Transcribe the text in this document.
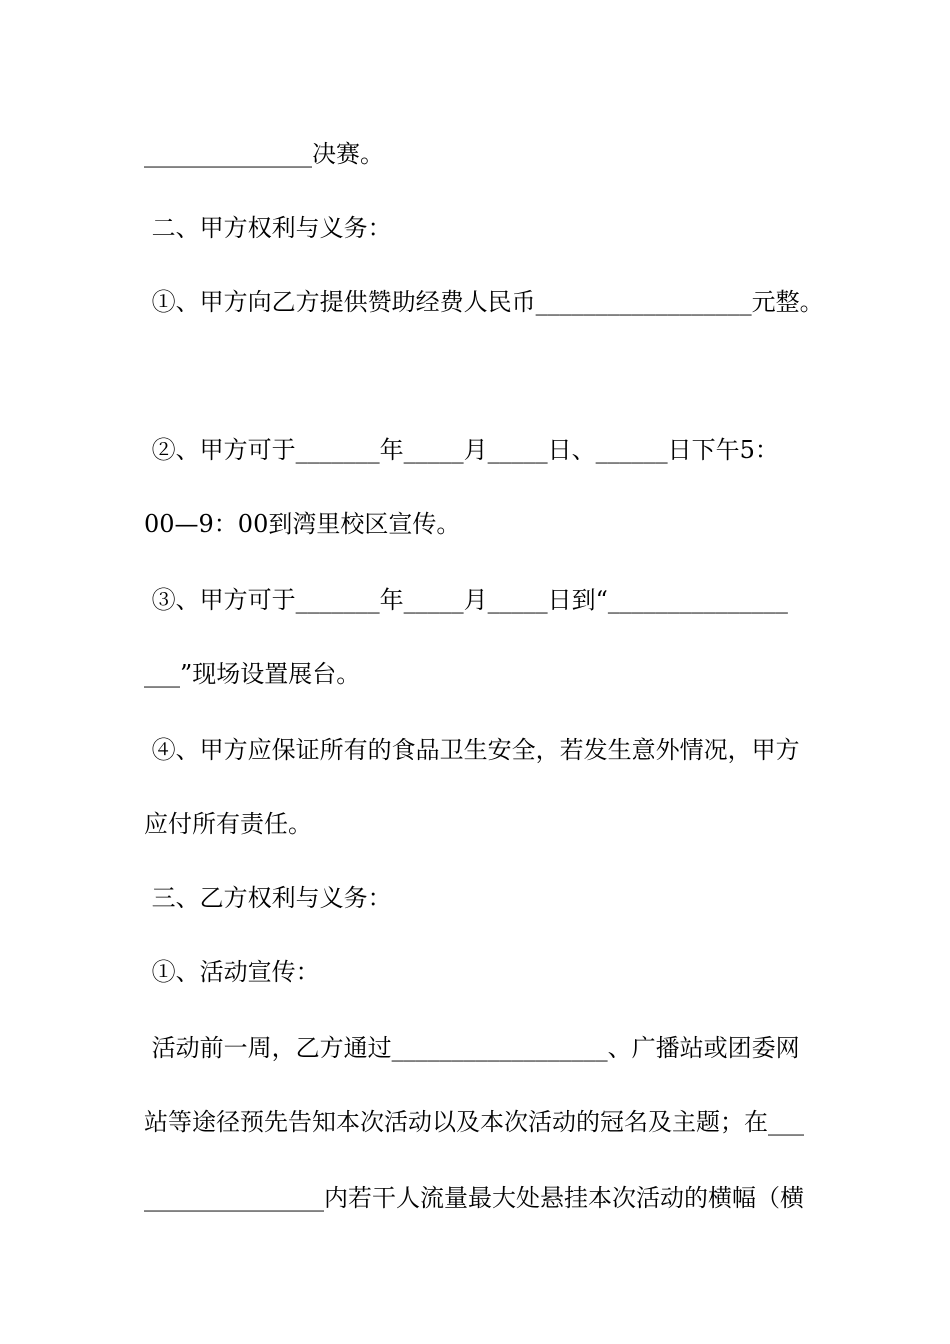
______________决赛。
二、甲方权利与义务：
①、甲方向乙方提供赞助经费人民币__________________元整。
②、甲方可于_______年_____月_____日、______日下午5：
00—9：00到湾里校区宣传。
③、甲方可于_______年_____月_____日到“_______________
___”现场设置展台。
④、甲方应保证所有的食品卫生安全，若发生意外情况，甲方
应付所有责任。
三、乙方权利与义务：
①、活动宣传：
活动前一周，乙方通过__________________、广播站或团委网
站等途径预先告知本次活动以及本次活动的冠名及主题；在___
_______________内若干人流量最大处悬挂本次活动的横幅（横
